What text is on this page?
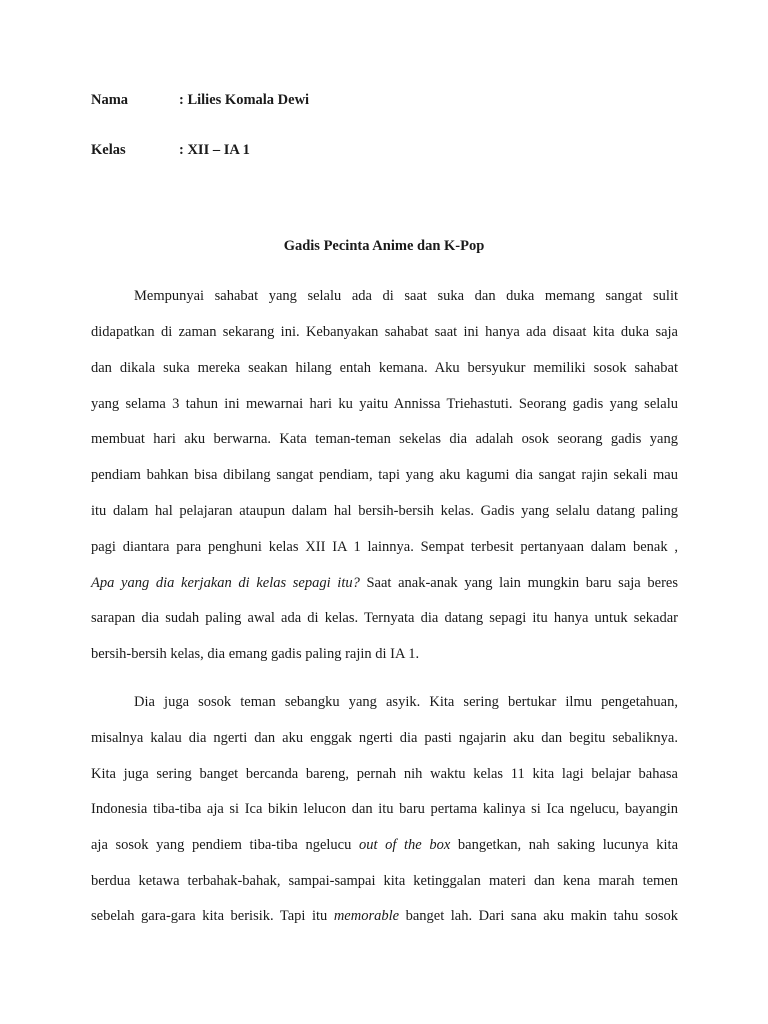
Nama	: Lilies Komala Dewi
Kelas	: XII – IA 1
Gadis Pecinta Anime dan K-Pop
Mempunyai sahabat yang selalu ada di saat suka dan duka memang sangat sulit
didapatkan di zaman sekarang ini. Kebanyakan sahabat saat ini hanya ada disaat kita duka saja
dan dikala suka mereka seakan hilang entah kemana. Aku bersyukur memiliki sosok sahabat
yang selama 3 tahun ini mewarnai hari ku yaitu Annissa Triehastuti. Seorang gadis yang selalu
membuat hari aku berwarna. Kata teman-teman sekelas dia adalah osok seorang gadis yang
pendiam bahkan bisa dibilang sangat pendiam, tapi yang aku kagumi dia sangat rajin sekali mau
itu dalam hal pelajaran ataupun dalam hal bersih-bersih kelas. Gadis yang selalu datang paling
pagi diantara para penghuni kelas XII IA 1 lainnya. Sempat terbesit pertanyaan dalam benak ,
Apa yang dia kerjakan di kelas sepagi itu? Saat anak-anak yang lain mungkin baru saja beres
sarapan dia sudah paling awal ada di kelas. Ternyata dia datang sepagi itu hanya untuk sekadar
bersih-bersih kelas, dia emang gadis paling rajin di IA 1.
Dia juga sosok teman sebangku yang asyik. Kita sering bertukar ilmu pengetahuan,
misalnya kalau dia ngerti dan aku enggak ngerti dia pasti ngajarin aku dan begitu sebaliknya.
Kita juga sering banget bercanda bareng, pernah nih waktu kelas 11 kita lagi belajar bahasa
Indonesia tiba-tiba aja si Ica bikin lelucon dan itu baru pertama kalinya si Ica ngelucu, bayangin
aja sosok yang pendiem tiba-tiba ngelucu out of the box bangetkan, nah saking lucunya kita
berdua ketawa terbahak-bahak, sampai-sampai kita ketinggalan materi dan kena marah temen
sebelah gara-gara kita berisik. Tapi itu memorable banget lah. Dari sana aku makin tahu sosok
